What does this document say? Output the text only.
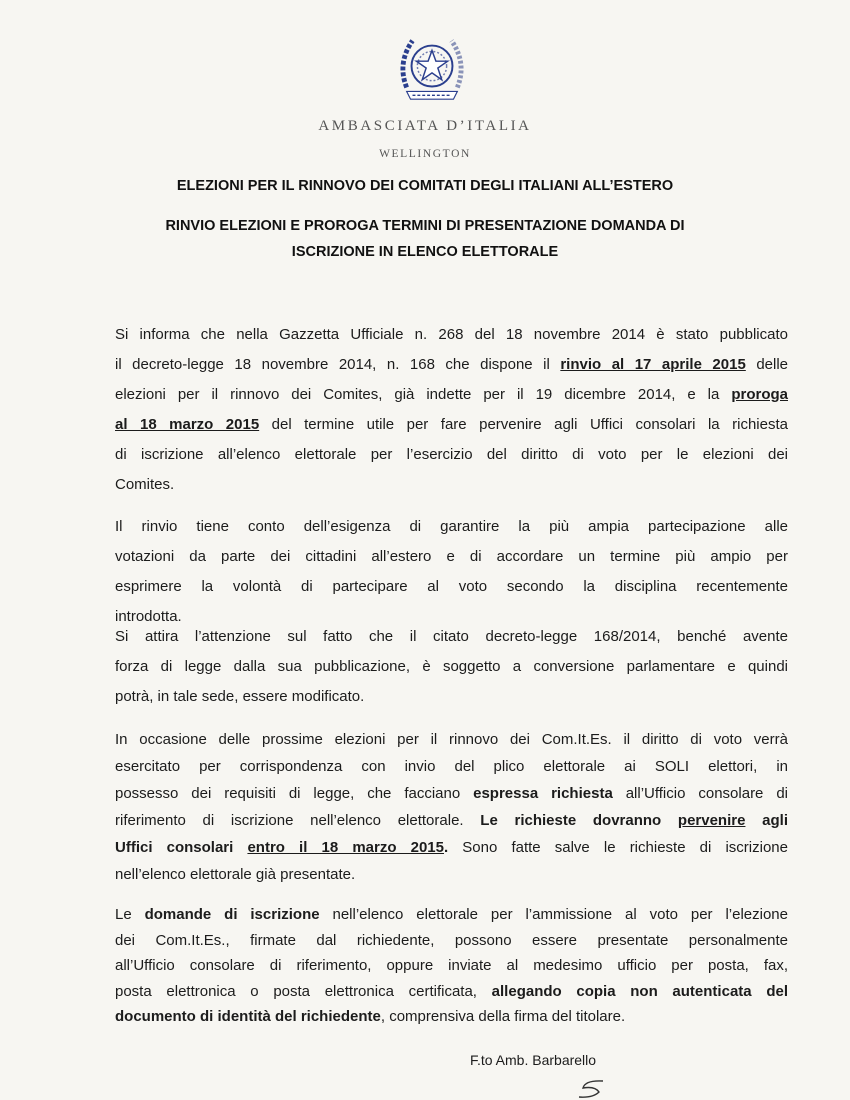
AMBASCIATA D’ITALIA
WELLINGTON
ELEZIONI PER IL RINNOVO DEI COMITATI DEGLI ITALIANI ALL’ESTERO
RINVIO ELEZIONI E PROROGA TERMINI DI PRESENTAZIONE DOMANDA DI
ISCRIZIONE IN ELENCO ELETTORALE
Si informa che nella Gazzetta Ufficiale n. 268 del 18 novembre 2014 è stato pubblicato
il decreto-legge 18 novembre 2014, n. 168 che dispone il rinvio al 17 aprile 2015 delle
elezioni per il rinnovo dei Comites, già indette per il 19 dicembre 2014, e la proroga
al 18 marzo 2015 del termine utile per fare pervenire agli Uffici consolari la richiesta
di iscrizione all’elenco elettorale per l’esercizio del diritto di voto per le elezioni dei
Comites.
Il rinvio tiene conto dell’esigenza di garantire la più ampia partecipazione alle
votazioni da parte dei cittadini all’estero e di accordare un termine più ampio per
esprimere la volontà di partecipare al voto secondo la disciplina recentemente
introdotta.
Si attira l’attenzione sul fatto che il citato decreto-legge 168/2014, benché avente
forza di legge dalla sua pubblicazione, è soggetto a conversione parlamentare e quindi
potrà, in tale sede, essere modificato.
In occasione delle prossime elezioni per il rinnovo dei Com.It.Es. il diritto di voto verrà
esercitato per corrispondenza con invio del plico elettorale ai SOLI elettori, in
possesso dei requisiti di legge, che facciano espressa richiesta all’Ufficio consolare di
riferimento di iscrizione nell’elenco elettorale. Le richieste dovranno pervenire agli
Uffici consolari entro il 18 marzo 2015. Sono fatte salve le richieste di iscrizione
nell’elenco elettorale già presentate.
Le domande di iscrizione nell’elenco elettorale per l’ammissione al voto per l’elezione
dei Com.It.Es., firmate dal richiedente, possono essere presentate personalmente
all’Ufficio consolare di riferimento, oppure inviate al medesimo ufficio per posta, fax,
posta elettronica o posta elettronica certificata, allegando copia non autenticata del
documento di identità del richiedente, comprensiva della firma del titolare.
F.to Amb. Barbarello
